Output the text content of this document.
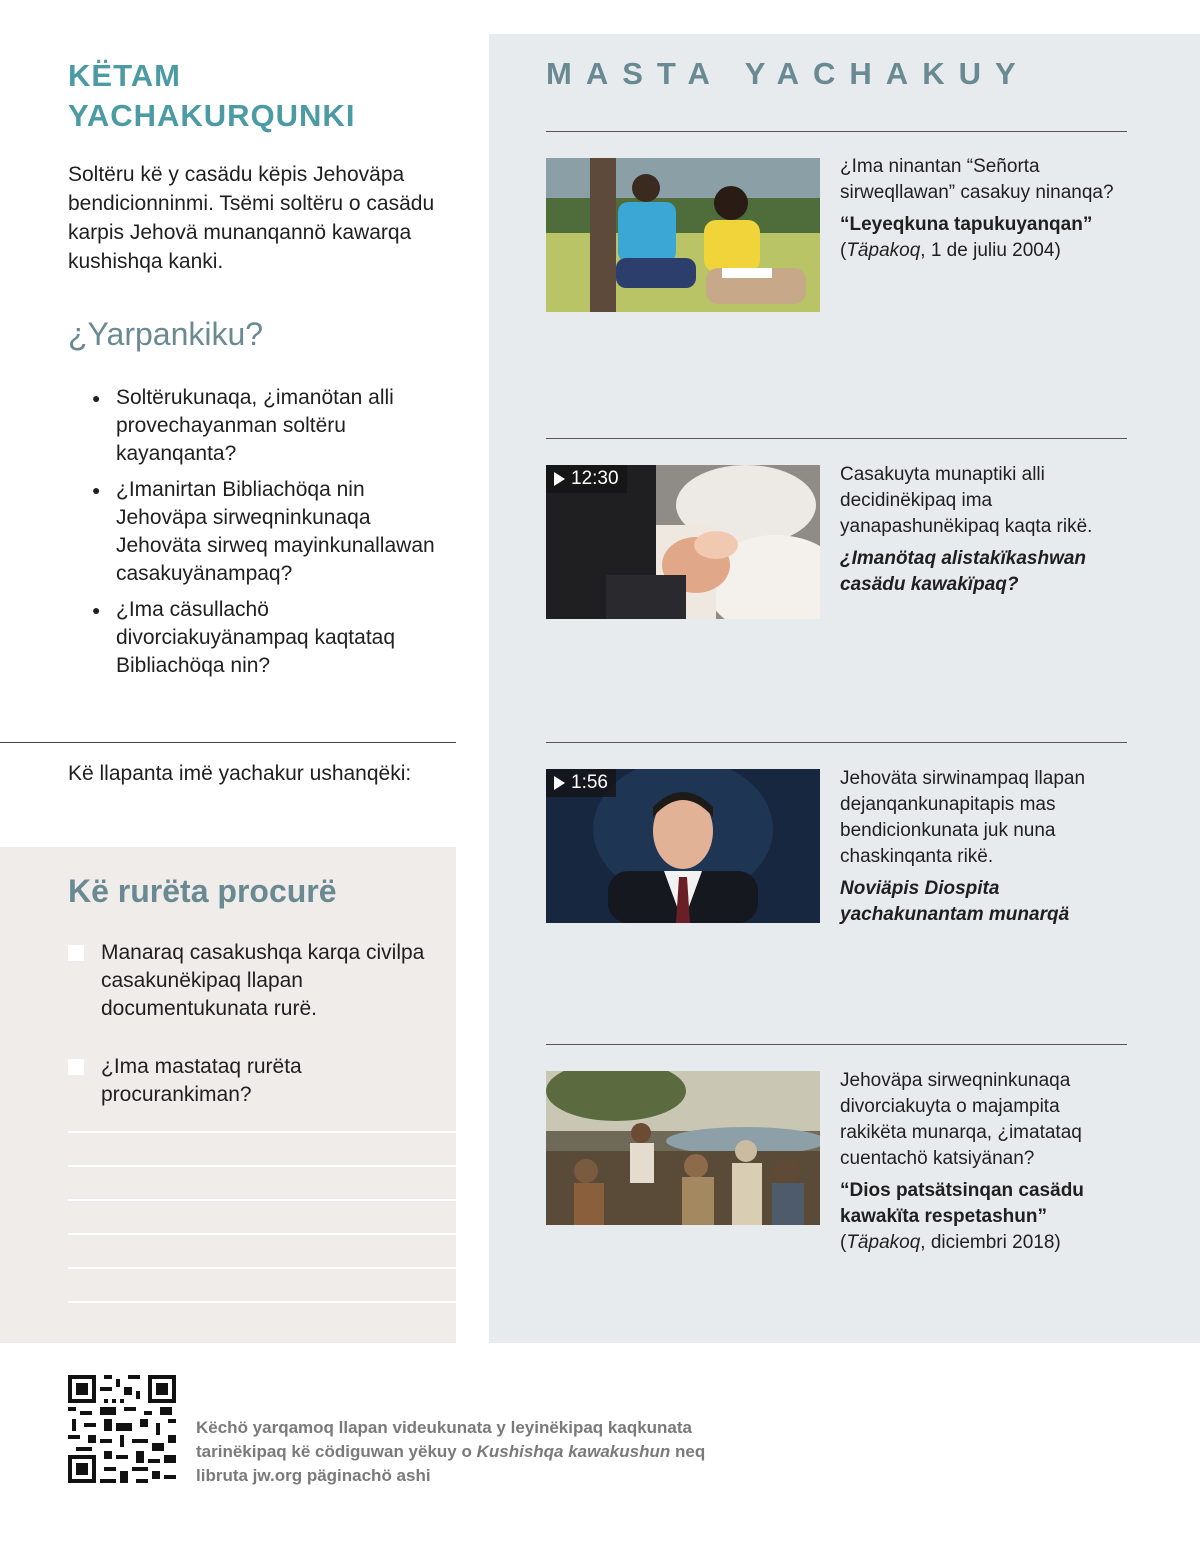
KËTAM
YACHAKURQUNKI

Soltëru kë y casädu këpis Jehoväpa bendicionninmi. Tsëmi soltëru o casädu karpis Jehovä munanqannö kawarqa kushishqa kanki.

¿Yarpankiku?
● Soltërukunaqa, ¿imanötan alli provechayanman soltëru kayanqanta?
● ¿Imanirtan Bibliachöqa nin Jehoväpa sirweqninkunaqa Jehoväta sirweq mayinkunallawan casakuyänampaq?
● ¿Ima cäsullachö divorciakuyänampaq kaqtataq Bibliachöqa nin?

Kë llapanta imë yachakur ushanqëki:

Kë rurëta procurë
Manaraq casakushqa karqa civilpa casakunëkipaq llapan documentukunata rurë.
¿Ima mastataq rurëta procurankiman?
MASTA YACHAKUY

¿Ima ninantan “Señorta sirweqllawan” casakuy ninanqa?

“Leyeqkuna tapukuyanqan”

(Täpakoq, 1 de juliu 2004)

12:30	Casakuyta munaptiki alli decidinëkipaq ima yanapashunëkipaq kaqta rikë.

¿Imanötaq alistakïkashwan casädu kawakïpaq?

1:56	Jehoväta sirwinampaq llapan dejanqankunapitapis mas bendicionkunata juk nuna chaskinqanta rikë.

Noviäpis Diospita yachakunantam munarqä

Jehoväpa sirweqninkunaqa divorciakuyta o majampita rakikëta munarqa, ¿imatataq cuentachö katsiyänan?

“Dios patsätsinqan casädu kawakïta respetashun”

(Täpakoq, diciembri 2018)

Këchö yarqamoq llapan videukunata y leyinëkipaq kaqkunata
tarinëkipaq kë cödiguwan yëkuy o Kushishqa kawakushun neq
libruta jw.org päginachö ashi
